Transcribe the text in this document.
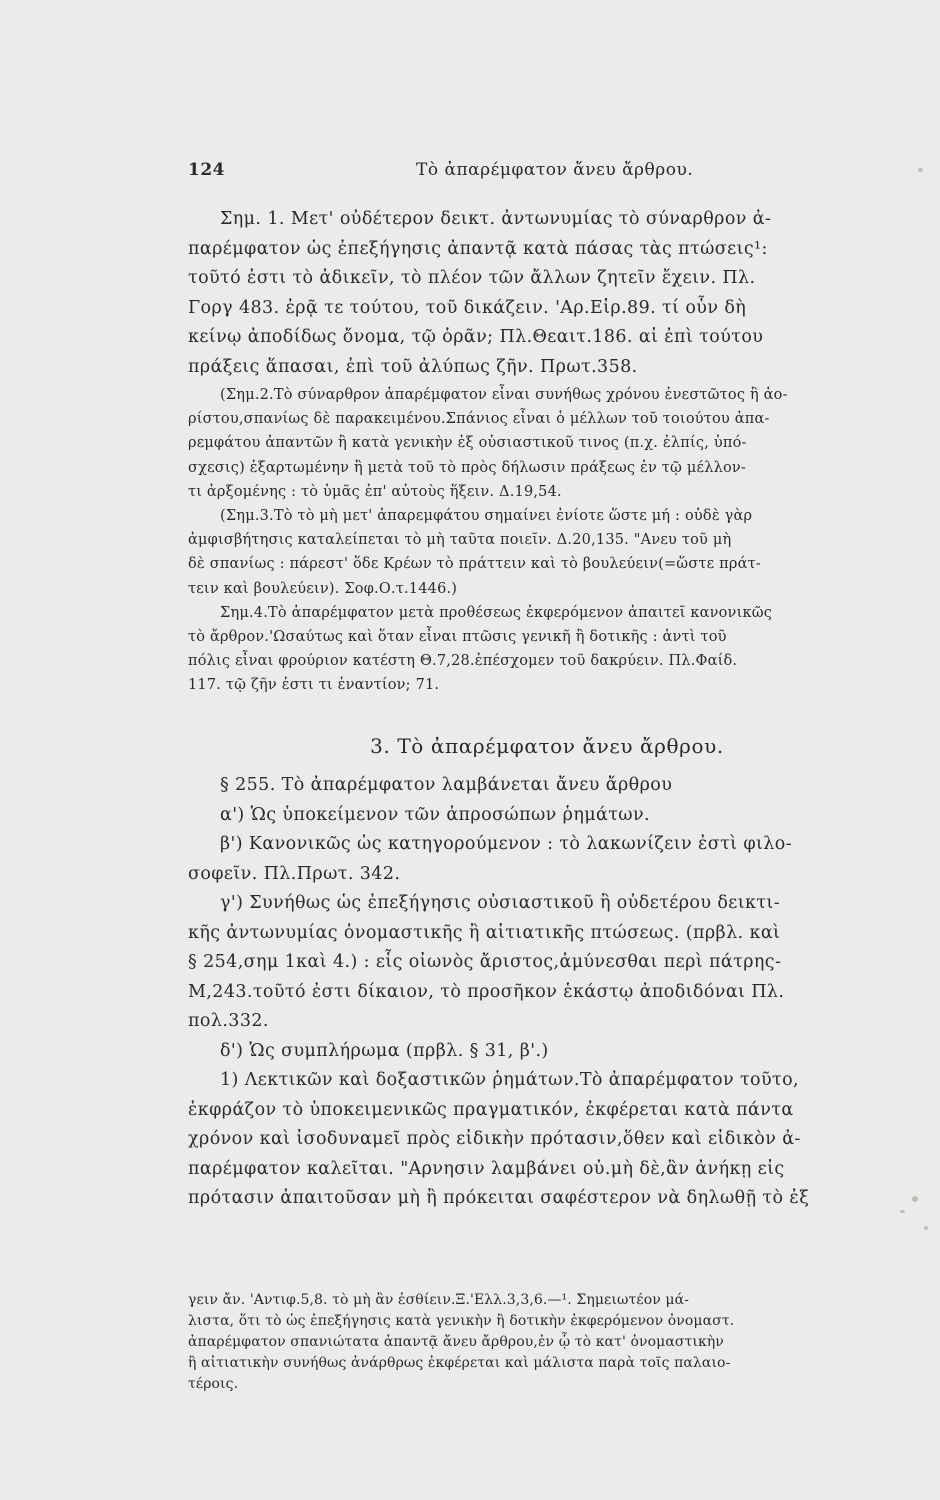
124	Τὸ ἀπαρέμφατον ἄνευ ἄρθρου.
Σημ. 1. Μετ' οὐδέτερον δεικτ. ἀντωνυμίας τὸ σύναρθρον ἀ-
παρέμφατον ὡς ἐπεξήγησις ἀπαντᾷ κατὰ πάσας τὰς πτώσεις¹:
τοῦτό ἐστι τὸ ἀδικεῖν, τὸ πλέον τῶν ἄλλων ζητεῖν ἔχειν. Πλ.
Γοργ 483. ἐρᾷ τε τούτου, τοῦ δικάζειν. 'Αρ.Εἰρ.89. τί οὖν δὴ
κείνῳ ἀποδίδως ὄνομα, τῷ ὁρᾶν; Πλ.Θεαιτ.186. αἱ ἐπὶ τούτου
πράξεις ἅπασαι, ἐπὶ τοῦ ἀλύπως ζῆν. Πρωτ.358.
(Σημ.2.Τὸ σύναρθρον ἀπαρέμφατον εἶναι συνήθως χρόνου ἐνεστῶτος ἢ ἀο-
ρίστου,σπανίως δὲ παρακειμένου.Σπάνιος εἶναι ὁ μέλλων τοῦ τοιούτου ἀπα-
ρεμφάτου ἀπαντῶν ἢ κατὰ γενικὴν ἐξ οὐσιαστικοῦ τινος (π.χ. ἐλπίς, ὑπό-
σχεσις) ἐξαρτωμένην ἢ μετὰ τοῦ τὸ πρὸς δήλωσιν πράξεως ἐν τῷ μέλλον-
τι ἀρξομένης : τὸ ὑμᾶς ἐπ' αὐτοὺς ἥξειν. Δ.19,54.
(Σημ.3.Τὸ τὸ μὴ μετ' ἀπαρεμφάτου σημαίνει ἐνίοτε ὥστε μή : οὐδὲ γὰρ
ἀμφισβήτησις καταλείπεται τὸ μὴ ταῦτα ποιεῖν. Δ.20,135. "Ανευ τοῦ μὴ
δὲ σπανίως : πάρεστ' ὅδε Κρέων τὸ πράττειν καὶ τὸ βουλεύειν(=ὥστε πράτ-
τειν καὶ βουλεύειν). Σοφ.Ο.τ.1446.)
Σημ.4.Τὸ ἀπαρέμφατον μετὰ προθέσεως ἐκφερόμενον ἀπαιτεῖ κανονικῶς
τὸ ἄρθρον.'Ωσαύτως καὶ ὅταν εἶναι πτῶσις γενικῆ ἢ δοτικῆς : ἀντὶ τοῦ
πόλις εἶναι φρούριον κατέστη Θ.7,28.ἐπέσχομεν τοῦ δακρύειν. Πλ.Φαίδ.
117. τῷ ζῆν ἐστι τι ἐναντίον; 71.
3. Τὸ ἀπαρέμφατον ἄνευ ἄρθρου.
§ 255. Τὸ ἀπαρέμφατον λαμβάνεται ἄνευ ἄρθρου
α') Ὡς ὑποκείμενον τῶν ἀπροσώπων ῥημάτων.
β') Κανονικῶς ὡς κατηγορούμενον : τὸ λακωνίζειν ἐστὶ φιλο-
σοφεῖν. Πλ.Πρωτ. 342.
γ') Συνήθως ὡς ἐπεξήγησις οὐσιαστικοῦ ἢ οὐδετέρου δεικτι-
κῆς ἀντωνυμίας ὀνομαστικῆς ἢ αἰτιατικῆς πτώσεως. (πρβλ. καὶ
§ 254,σημ 1καὶ 4.) : εἷς οἰωνὸς ἄριστος,ἀμύνεσθαι περὶ πάτρης-
Μ,243.τοῦτό ἐστι δίκαιον, τὸ προσῆκον ἑκάστῳ ἀποδιδόναι Πλ.
πολ.332.
δ') Ὡς συμπλήρωμα (πρβλ. § 31, β'.)
1) Λεκτικῶν καὶ δοξαστικῶν ῥημάτων.Τὸ ἀπαρέμφατον τοῦτο,
ἐκφράζον τὸ ὑποκειμενικῶς πραγματικόν, ἐκφέρεται κατὰ πάντα
χρόνον καὶ ἰσοδυναμεῖ πρὸς εἰδικὴν πρότασιν,ὅθεν καὶ εἰδικὸν ἀ-
παρέμφατον καλεῖται. "Αρνησιν λαμβάνει οὐ.μὴ δὲ,ἂν ἀνήκῃ εἰς
πρότασιν ἀπαιτοῦσαν μὴ ἢ πρόκειται σαφέστερον νὰ δηλωθῇ τὸ ἐξ
γειν ἄν. 'Αντιφ.5,8. τὸ μὴ ἂν ἐσθίειν.Ξ.'Ελλ.3,3,6.—¹. Σημειωτέον μά-
λιστα, ὅτι τὸ ὡς ἐπεξήγησις κατὰ γενικὴν ἢ δοτικὴν ἐκφερόμενον ὀνομαστ.
ἀπαρέμφατον σπανιώτατα ἀπαντᾷ ἄνευ ἄρθρου,ἐν ᾧ τὸ κατ' ὀνομαστικὴν
ἢ αἰτιατικὴν συνήθως ἀνάρθρως ἐκφέρεται καὶ μάλιστα παρὰ τοῖς παλαιο-
τέροις.
